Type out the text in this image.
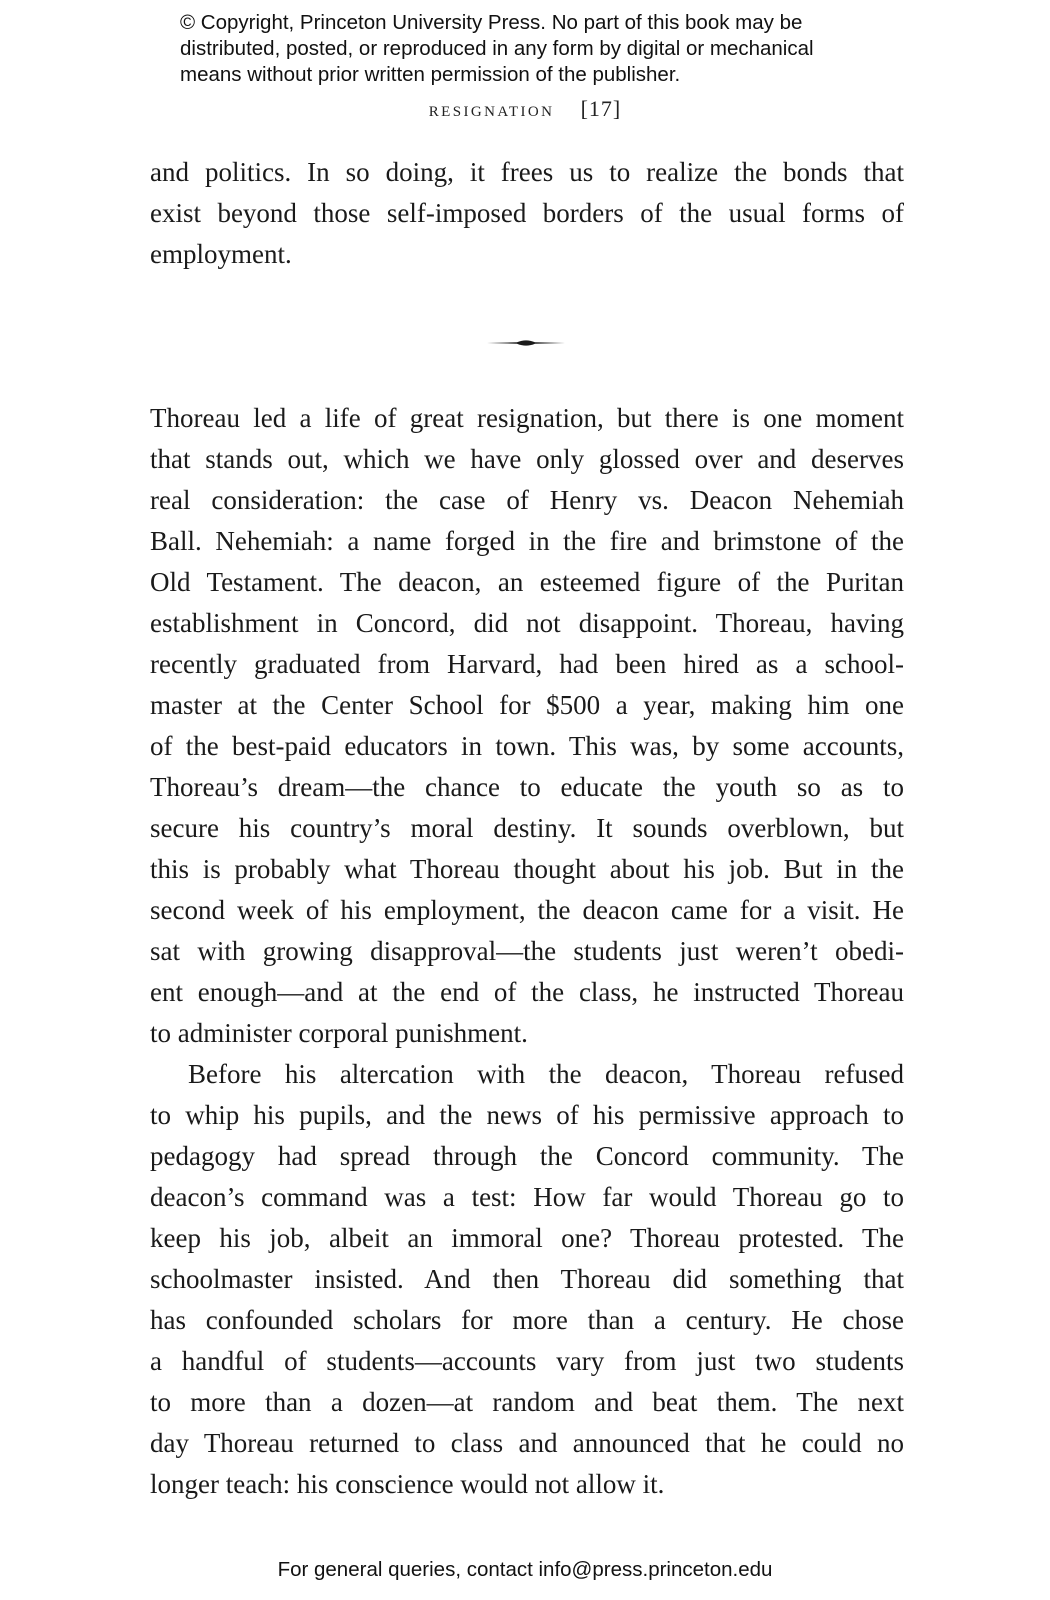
© Copyright, Princeton University Press. No part of this book may be
distributed, posted, or reproduced in any form by digital or mechanical
means without prior written permission of the publisher.
resignation [17]
and politics. In so doing, it frees us to realize the bonds that
exist beyond those self-imposed borders of the usual forms of
employment.
Thoreau led a life of great resignation, but there is one moment
that stands out, which we have only glossed over and deserves
real consideration: the case of Henry vs. Deacon Nehemiah
Ball. Nehemiah: a name forged in the fire and brimstone of the
Old Testament. The deacon, an esteemed figure of the Puritan
establishment in Concord, did not disappoint. Thoreau, having
recently graduated from Harvard, had been hired as a school-
master at the Center School for $500 a year, making him one
of the best-paid educators in town. This was, by some accounts,
Thoreau’s dream—the chance to educate the youth so as to
secure his country’s moral destiny. It sounds overblown, but
this is probably what Thoreau thought about his job. But in the
second week of his employment, the deacon came for a visit. He
sat with growing disapproval—the students just weren’t obedi-
ent enough—and at the end of the class, he instructed Thoreau
to administer corporal punishment.
Before his altercation with the deacon, Thoreau refused
to whip his pupils, and the news of his permissive approach to
pedagogy had spread through the Concord community. The
deacon’s command was a test: How far would Thoreau go to
keep his job, albeit an immoral one? Thoreau protested. The
schoolmaster insisted. And then Thoreau did something that
has confounded scholars for more than a century. He chose
a handful of students—accounts vary from just two students
to more than a dozen—at random and beat them. The next
day Thoreau returned to class and announced that he could no
longer teach: his conscience would not allow it.
For general queries, contact info@press.princeton.edu
